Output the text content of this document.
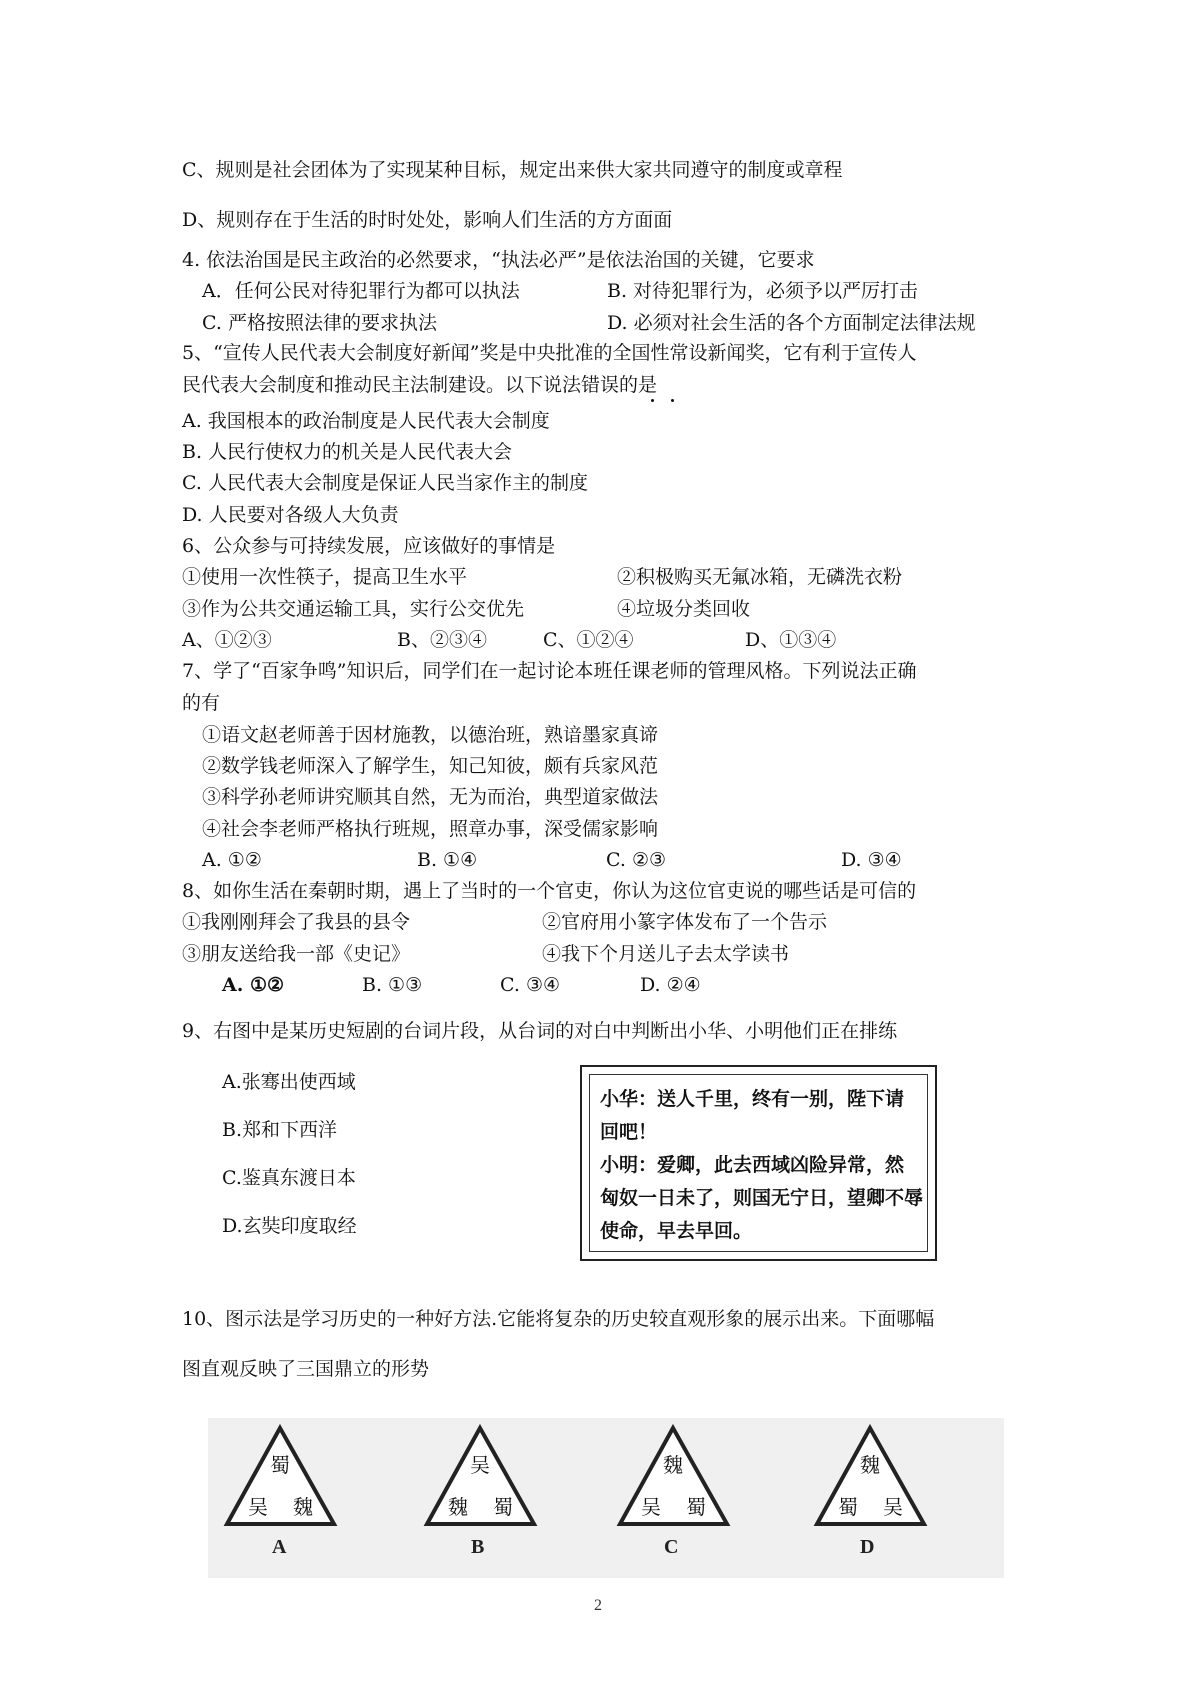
C、规则是社会团体为了实现某种目标，规定出来供大家共同遵守的制度或章程
D、规则存在于生活的时时处处，影响人们生活的方方面面
4. 依法治国是民主政治的必然要求，“执法必严”是依法治国的关键，它要求
A．任何公民对待犯罪行为都可以执法	B. 对待犯罪行为，必须予以严厉打击
C. 严格按照法律的要求执法	D. 必须对社会生活的各个方面制定法律法规
5、“宣传人民代表大会制度好新闻”奖是中央批准的全国性常设新闻奖，它有利于宣传人
民代表大会制度和推动民主法制建设。以下说法错误的是
A. 我国根本的政治制度是人民代表大会制度
B. 人民行使权力的机关是人民代表大会
C. 人民代表大会制度是保证人民当家作主的制度
D. 人民要对各级人大负责
6、公众参与可持续发展，应该做好的事情是
①使用一次性筷子，提高卫生水平	②积极购买无氟冰箱，无磷洗衣粉
③作为公共交通运输工具，实行公交优先	④垃圾分类回收
A、①②③	B、②③④	C、①②④	D、①③④
7、学了“百家争鸣”知识后，同学们在一起讨论本班任课老师的管理风格。下列说法正确
的有
①语文赵老师善于因材施教，以德治班，熟谙墨家真谛
②数学钱老师深入了解学生，知己知彼，颇有兵家风范
③科学孙老师讲究顺其自然，无为而治，典型道家做法
④社会李老师严格执行班规，照章办事，深受儒家影响
A. ①②	B. ①④	C. ②③	D. ③④
8、如你生活在秦朝时期，遇上了当时的一个官吏，你认为这位官吏说的哪些话是可信的
①我刚刚拜会了我县的县令	②官府用小篆字体发布了一个告示
③朋友送给我一部《史记》	④我下个月送儿子去太学读书
A. ①②	B. ①③	C. ③④	D. ②④
9、右图中是某历史短剧的台词片段，从台词的对白中判断出小华、小明他们正在排练
A.张骞出使西域
B.郑和下西洋
C.鉴真东渡日本
D.玄奘印度取经
小华：送人千里，终有一别，陛下请
回吧！
小明：爱卿，此去西域凶险异常，然
匈奴一日未了，则国无宁日，望卿不辱
使命，早去早回。
10、图示法是学习历史的一种好方法.它能将复杂的历史较直观形象的展示出来。下面哪幅
图直观反映了三国鼎立的形势
蜀
吴 魏
A
吴
魏 蜀
B
魏
吴 蜀
C
魏
蜀 吴
D
2
